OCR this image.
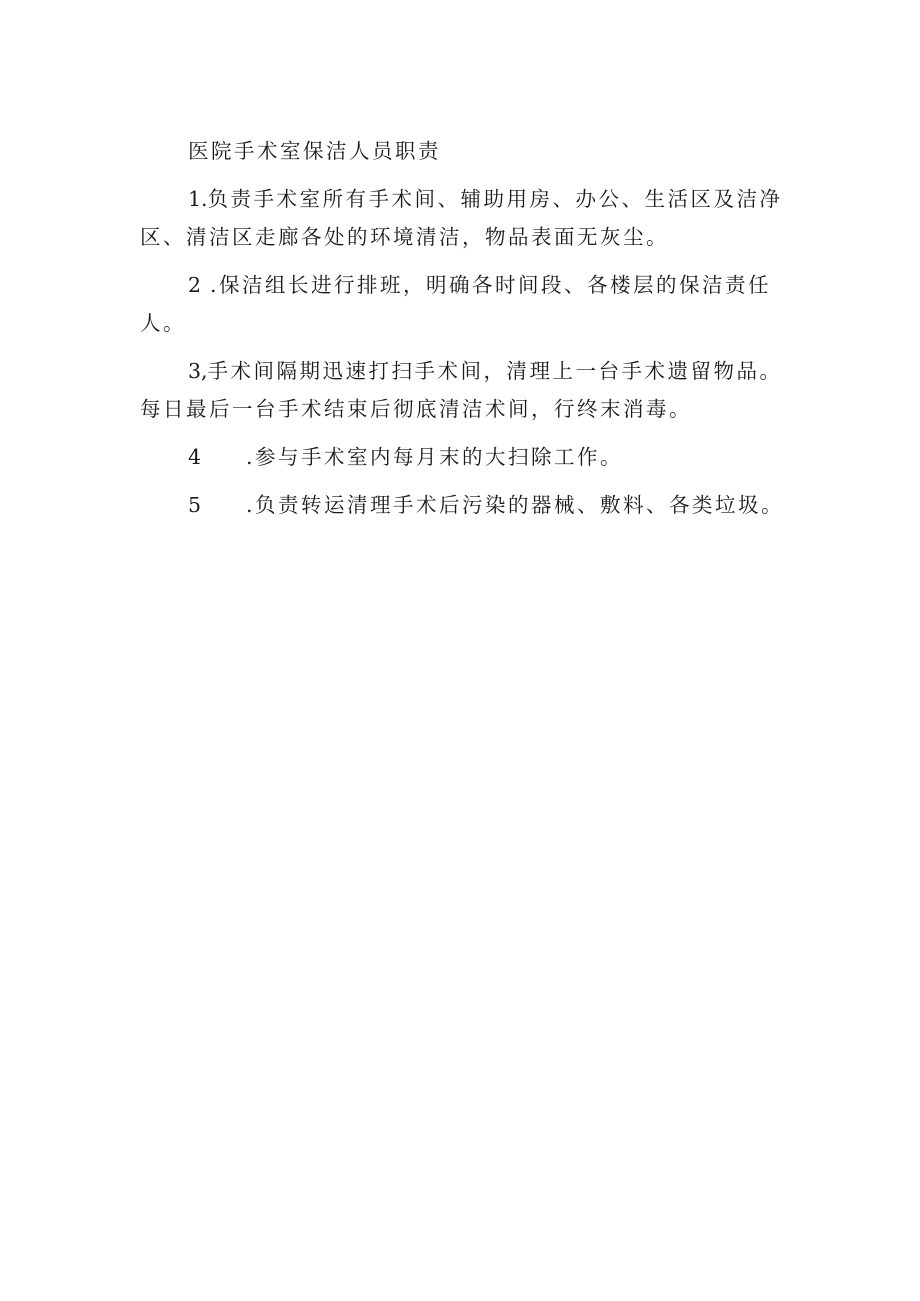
医院手术室保洁人员职责

1.负责手术室所有手术间、辅助用房、办公、生活区及洁净

区、清洁区走廊各处的环境清洁，物品表面无灰尘。

2 .保洁组长进行排班，明确各时间段、各楼层的保洁责任

人。

3,手术间隔期迅速打扫手术间，清理上一台手术遗留物品。

每日最后一台手术结束后彻底清洁术间，行终末消毒。

4 .参与手术室内每月末的大扫除工作。

5 .负责转运清理手术后污染的器械、敷料、各类垃圾。
